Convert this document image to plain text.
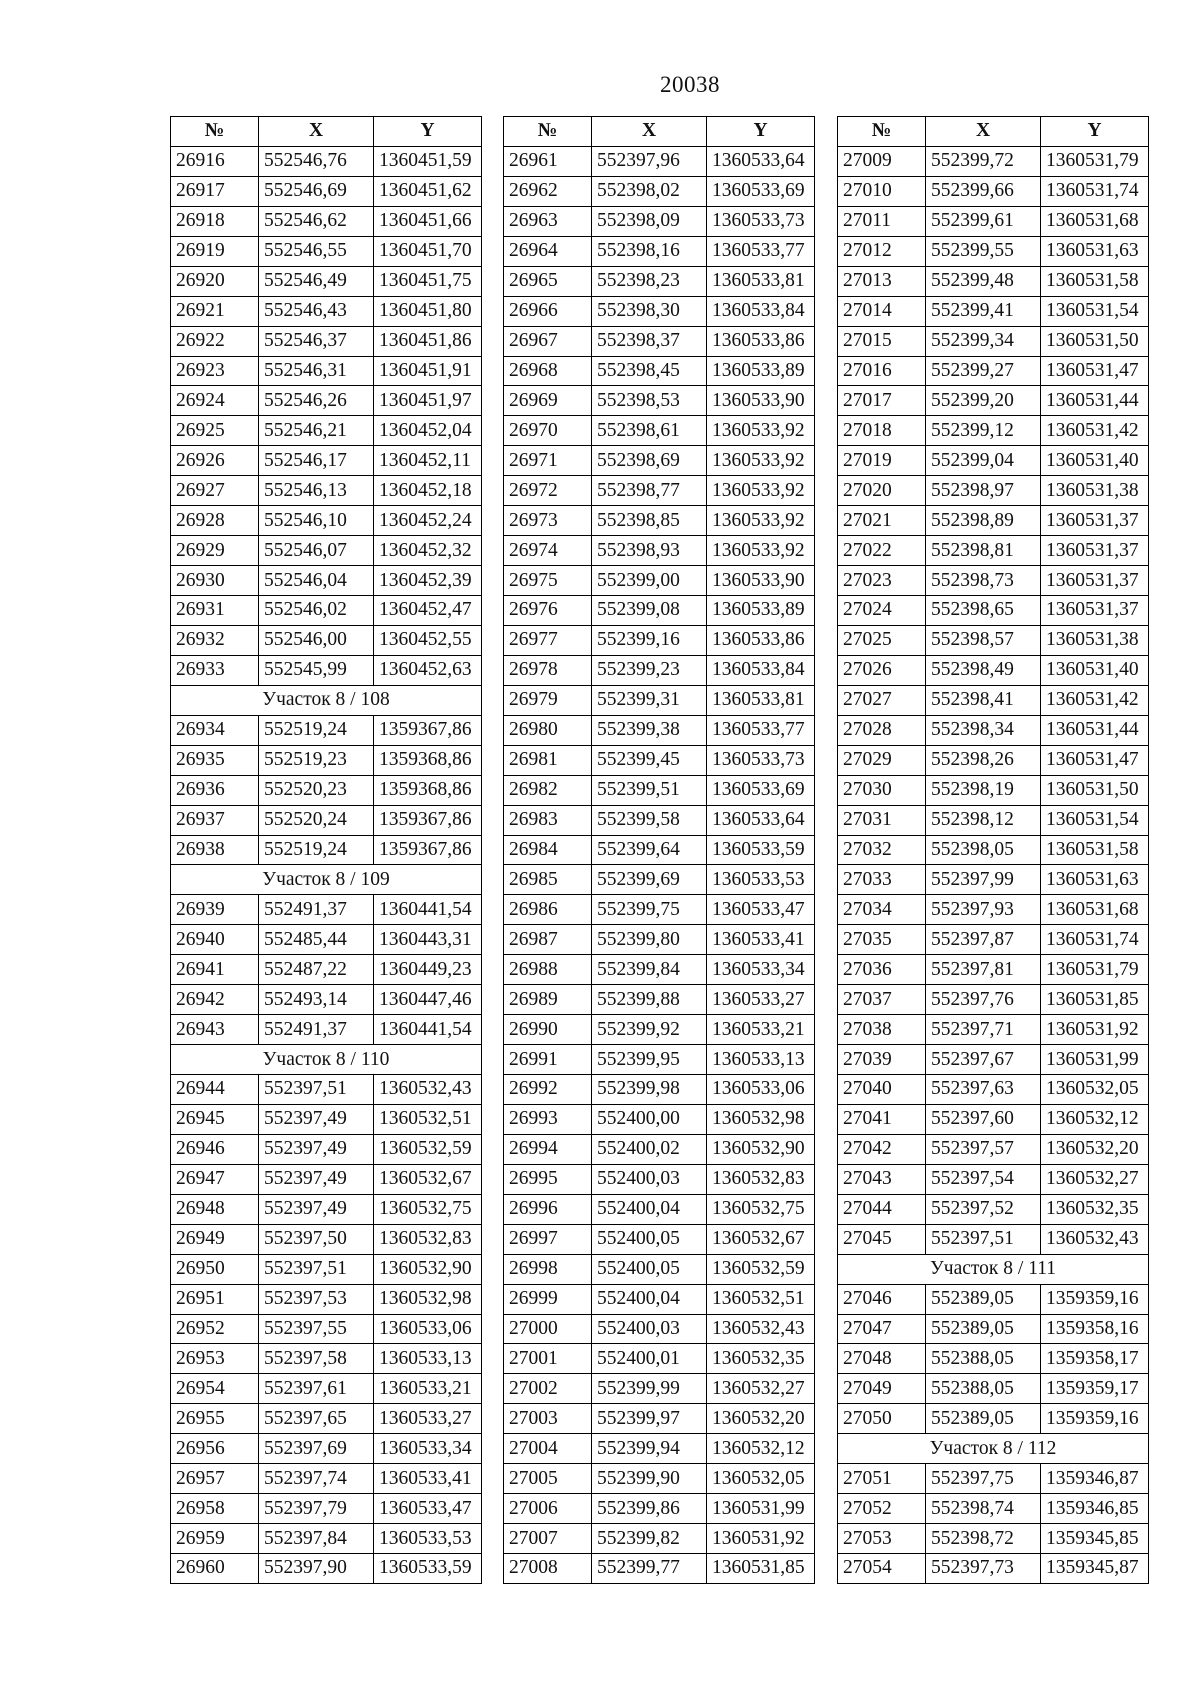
20038
№	X	Y
26916	552546,76	1360451,59
26917	552546,69	1360451,62
26918	552546,62	1360451,66
26919	552546,55	1360451,70
26920	552546,49	1360451,75
26921	552546,43	1360451,80
26922	552546,37	1360451,86
26923	552546,31	1360451,91
26924	552546,26	1360451,97
26925	552546,21	1360452,04
26926	552546,17	1360452,11
26927	552546,13	1360452,18
26928	552546,10	1360452,24
26929	552546,07	1360452,32
26930	552546,04	1360452,39
26931	552546,02	1360452,47
26932	552546,00	1360452,55
26933	552545,99	1360452,63
Участок 8 / 108		
26934	552519,24	1359367,86
26935	552519,23	1359368,86
26936	552520,23	1359368,86
26937	552520,24	1359367,86
26938	552519,24	1359367,86
Участок 8 / 109		
26939	552491,37	1360441,54
26940	552485,44	1360443,31
26941	552487,22	1360449,23
26942	552493,14	1360447,46
26943	552491,37	1360441,54
Участок 8 / 110		
26944	552397,51	1360532,43
26945	552397,49	1360532,51
26946	552397,49	1360532,59
26947	552397,49	1360532,67
26948	552397,49	1360532,75
26949	552397,50	1360532,83
26950	552397,51	1360532,90
26951	552397,53	1360532,98
26952	552397,55	1360533,06
26953	552397,58	1360533,13
26954	552397,61	1360533,21
26955	552397,65	1360533,27
26956	552397,69	1360533,34
26957	552397,74	1360533,41
26958	552397,79	1360533,47
26959	552397,84	1360533,53
26960	552397,90	1360533,59
№	X	Y
26961	552397,96	1360533,64
26962	552398,02	1360533,69
26963	552398,09	1360533,73
26964	552398,16	1360533,77
26965	552398,23	1360533,81
26966	552398,30	1360533,84
26967	552398,37	1360533,86
26968	552398,45	1360533,89
26969	552398,53	1360533,90
26970	552398,61	1360533,92
26971	552398,69	1360533,92
26972	552398,77	1360533,92
26973	552398,85	1360533,92
26974	552398,93	1360533,92
26975	552399,00	1360533,90
26976	552399,08	1360533,89
26977	552399,16	1360533,86
26978	552399,23	1360533,84
26979	552399,31	1360533,81
26980	552399,38	1360533,77
26981	552399,45	1360533,73
26982	552399,51	1360533,69
26983	552399,58	1360533,64
26984	552399,64	1360533,59
26985	552399,69	1360533,53
26986	552399,75	1360533,47
26987	552399,80	1360533,41
26988	552399,84	1360533,34
26989	552399,88	1360533,27
26990	552399,92	1360533,21
26991	552399,95	1360533,13
26992	552399,98	1360533,06
26993	552400,00	1360532,98
26994	552400,02	1360532,90
26995	552400,03	1360532,83
26996	552400,04	1360532,75
26997	552400,05	1360532,67
26998	552400,05	1360532,59
26999	552400,04	1360532,51
27000	552400,03	1360532,43
27001	552400,01	1360532,35
27002	552399,99	1360532,27
27003	552399,97	1360532,20
27004	552399,94	1360532,12
27005	552399,90	1360532,05
27006	552399,86	1360531,99
27007	552399,82	1360531,92
27008	552399,77	1360531,85
№	X	Y
27009	552399,72	1360531,79
27010	552399,66	1360531,74
27011	552399,61	1360531,68
27012	552399,55	1360531,63
27013	552399,48	1360531,58
27014	552399,41	1360531,54
27015	552399,34	1360531,50
27016	552399,27	1360531,47
27017	552399,20	1360531,44
27018	552399,12	1360531,42
27019	552399,04	1360531,40
27020	552398,97	1360531,38
27021	552398,89	1360531,37
27022	552398,81	1360531,37
27023	552398,73	1360531,37
27024	552398,65	1360531,37
27025	552398,57	1360531,38
27026	552398,49	1360531,40
27027	552398,41	1360531,42
27028	552398,34	1360531,44
27029	552398,26	1360531,47
27030	552398,19	1360531,50
27031	552398,12	1360531,54
27032	552398,05	1360531,58
27033	552397,99	1360531,63
27034	552397,93	1360531,68
27035	552397,87	1360531,74
27036	552397,81	1360531,79
27037	552397,76	1360531,85
27038	552397,71	1360531,92
27039	552397,67	1360531,99
27040	552397,63	1360532,05
27041	552397,60	1360532,12
27042	552397,57	1360532,20
27043	552397,54	1360532,27
27044	552397,52	1360532,35
27045	552397,51	1360532,43
Участок 8 / 111		
27046	552389,05	1359359,16
27047	552389,05	1359358,16
27048	552388,05	1359358,17
27049	552388,05	1359359,17
27050	552389,05	1359359,16
Участок 8 / 112		
27051	552397,75	1359346,87
27052	552398,74	1359346,85
27053	552398,72	1359345,85
27054	552397,73	1359345,87
